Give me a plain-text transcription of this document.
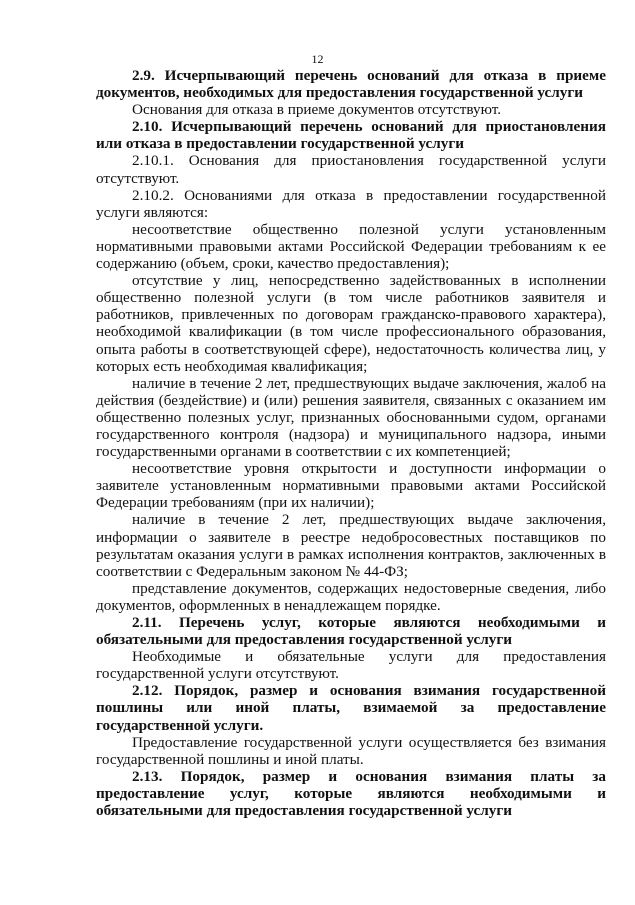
12

2.9. Исчерпывающий перечень оснований для отказа в приеме документов, необходимых для предоставления государственной услуги

Основания для отказа в приеме документов отсутствуют.

2.10. Исчерпывающий перечень оснований для приостановления или отказа в предоставлении государственной услуги

2.10.1. Основания для приостановления государственной услуги отсутствуют.

2.10.2. Основаниями для отказа в предоставлении государственной услуги являются:

несоответствие общественно полезной услуги установленным нормативными правовыми актами Российской Федерации требованиям к ее содержанию (объем, сроки, качество предоставления);

отсутствие у лиц, непосредственно задействованных в исполнении общественно полезной услуги (в том числе работников заявителя и работников, привлеченных по договорам гражданско-правового характера), необходимой квалификации (в том числе профессионального образования, опыта работы в соответствующей сфере), недостаточность количества лиц, у которых есть необходимая квалификация;

наличие в течение 2 лет, предшествующих выдаче заключения, жалоб на действия (бездействие) и (или) решения заявителя, связанных с оказанием им общественно полезных услуг, признанных обоснованными судом, органами государственного контроля (надзора) и муниципального надзора, иными государственными органами в соответствии с их компетенцией;

несоответствие уровня открытости и доступности информации о заявителе установленным нормативными правовыми актами Российской Федерации требованиям (при их наличии);

наличие в течение 2 лет, предшествующих выдаче заключения, информации о заявителе в реестре недобросовестных поставщиков по результатам оказания услуги в рамках исполнения контрактов, заключенных в соответствии с Федеральным законом № 44-ФЗ;

представление документов, содержащих недостоверные сведения, либо документов, оформленных в ненадлежащем порядке.

2.11. Перечень услуг, которые являются необходимыми и обязательными для предоставления государственной услуги

Необходимые и обязательные услуги для предоставления государственной услуги отсутствуют.

2.12. Порядок, размер и основания взимания государственной пошлины или иной платы, взимаемой за предоставление государственной услуги.

Предоставление государственной услуги осуществляется без взимания государственной пошлины и иной платы.

2.13. Порядок, размер и основания взимания платы за предоставление услуг, которые являются необходимыми и обязательными для предоставления государственной услуги
